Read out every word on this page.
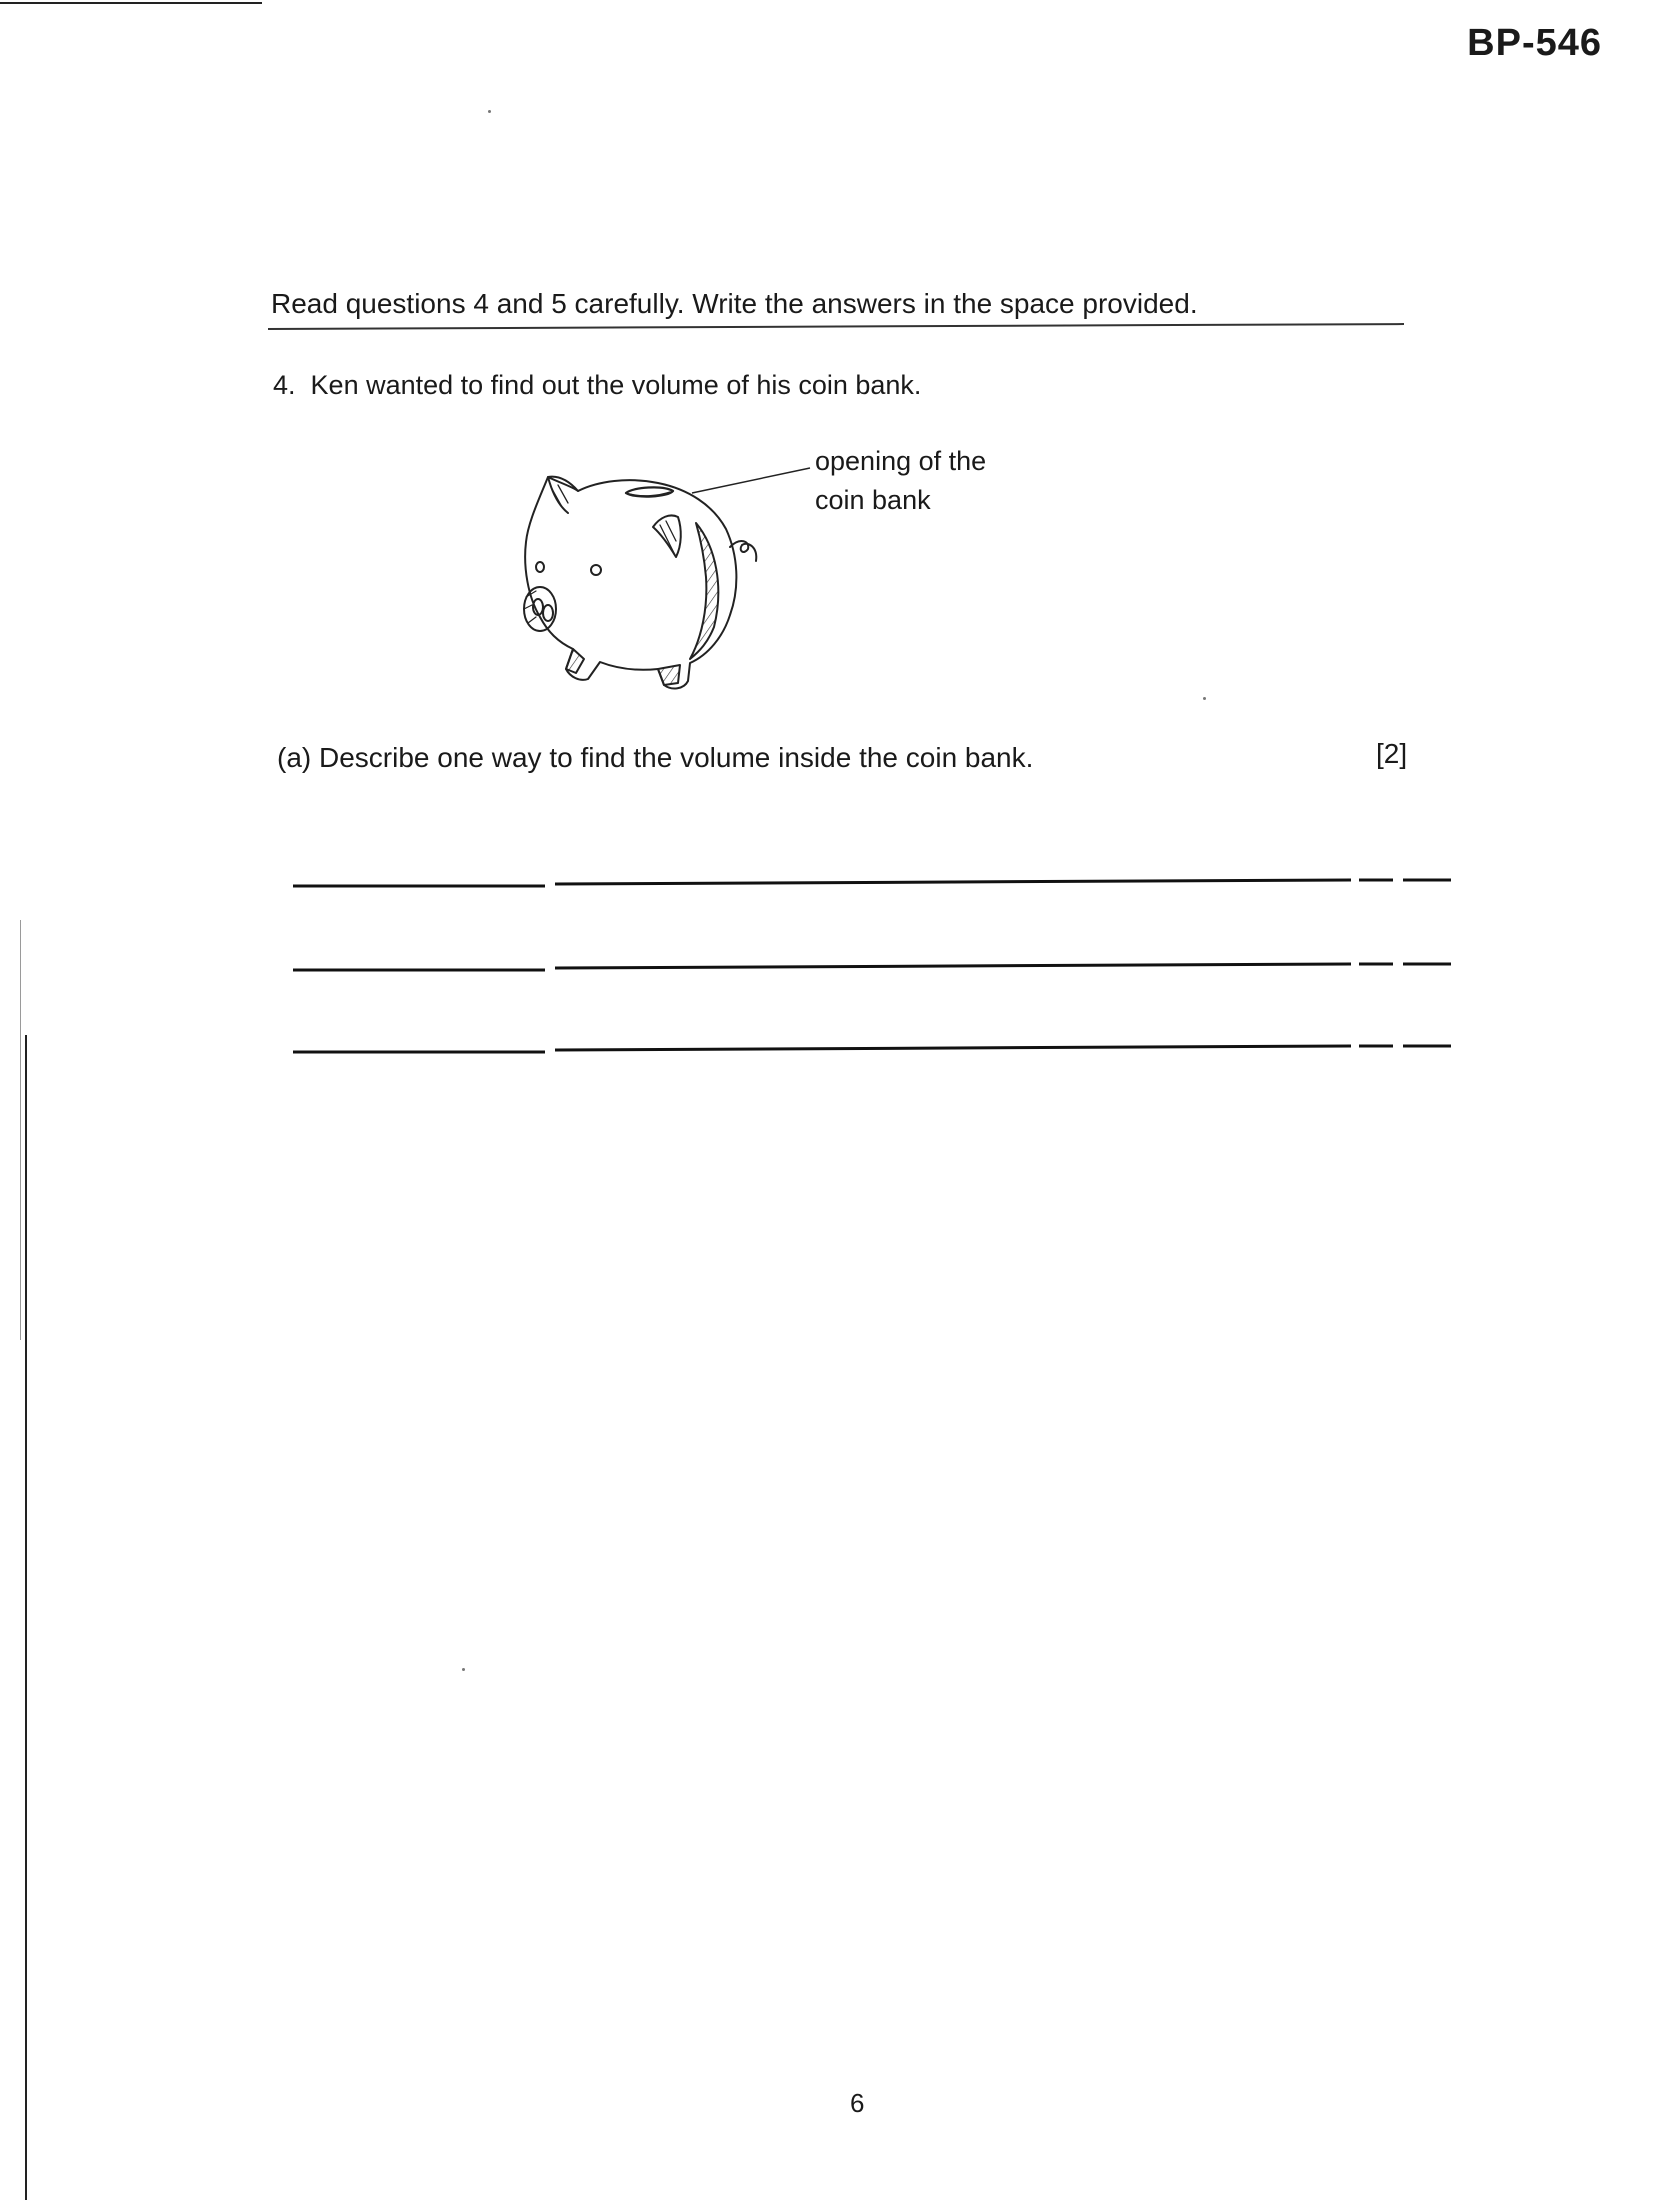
BP-546
Read questions 4 and 5 carefully. Write the answers in the space provided.
4. Ken wanted to find out the volume of his coin bank.
opening of the
coin bank
(a) Describe one way to find the volume inside the coin bank.	[2]
6
